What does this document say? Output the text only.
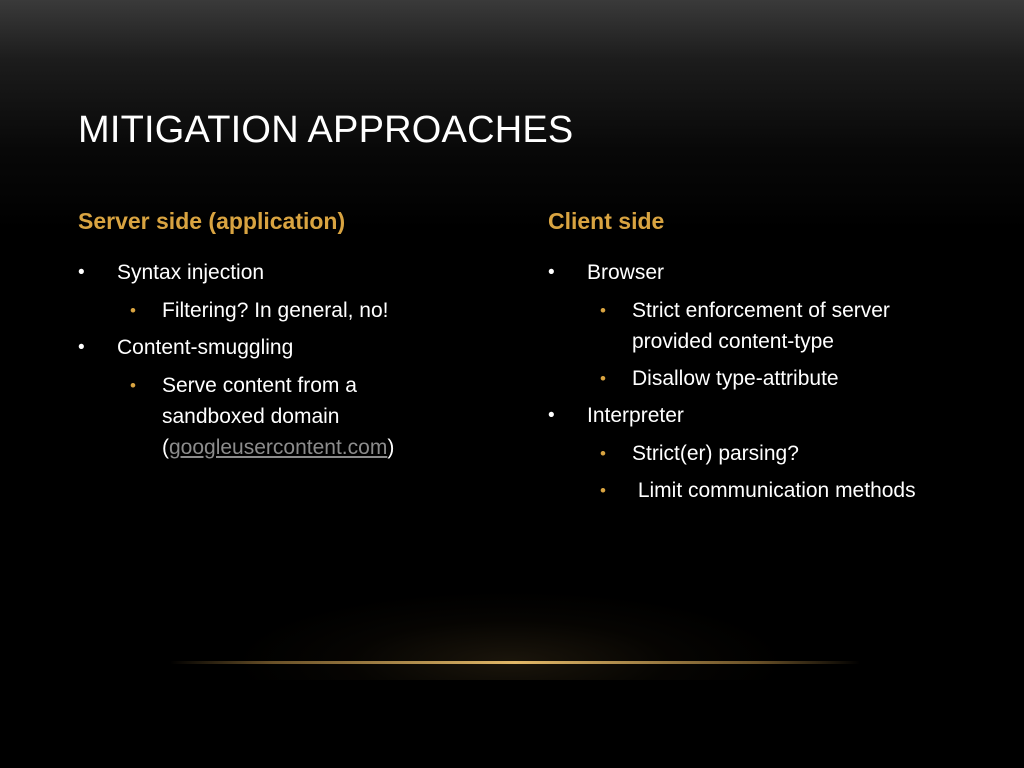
MITIGATION APPROACHES
Server side (application)
•	Syntax injection
•	Filtering? In general, no!
•	Content-smuggling
•	Serve content from a
sandboxed domain
(googleusercontent.com)
Client side
•	Browser
•	Strict enforcement of server
provided content-type
•	Disallow type-attribute
•	Interpreter
•	Strict(er) parsing?
•	Limit communication methods
